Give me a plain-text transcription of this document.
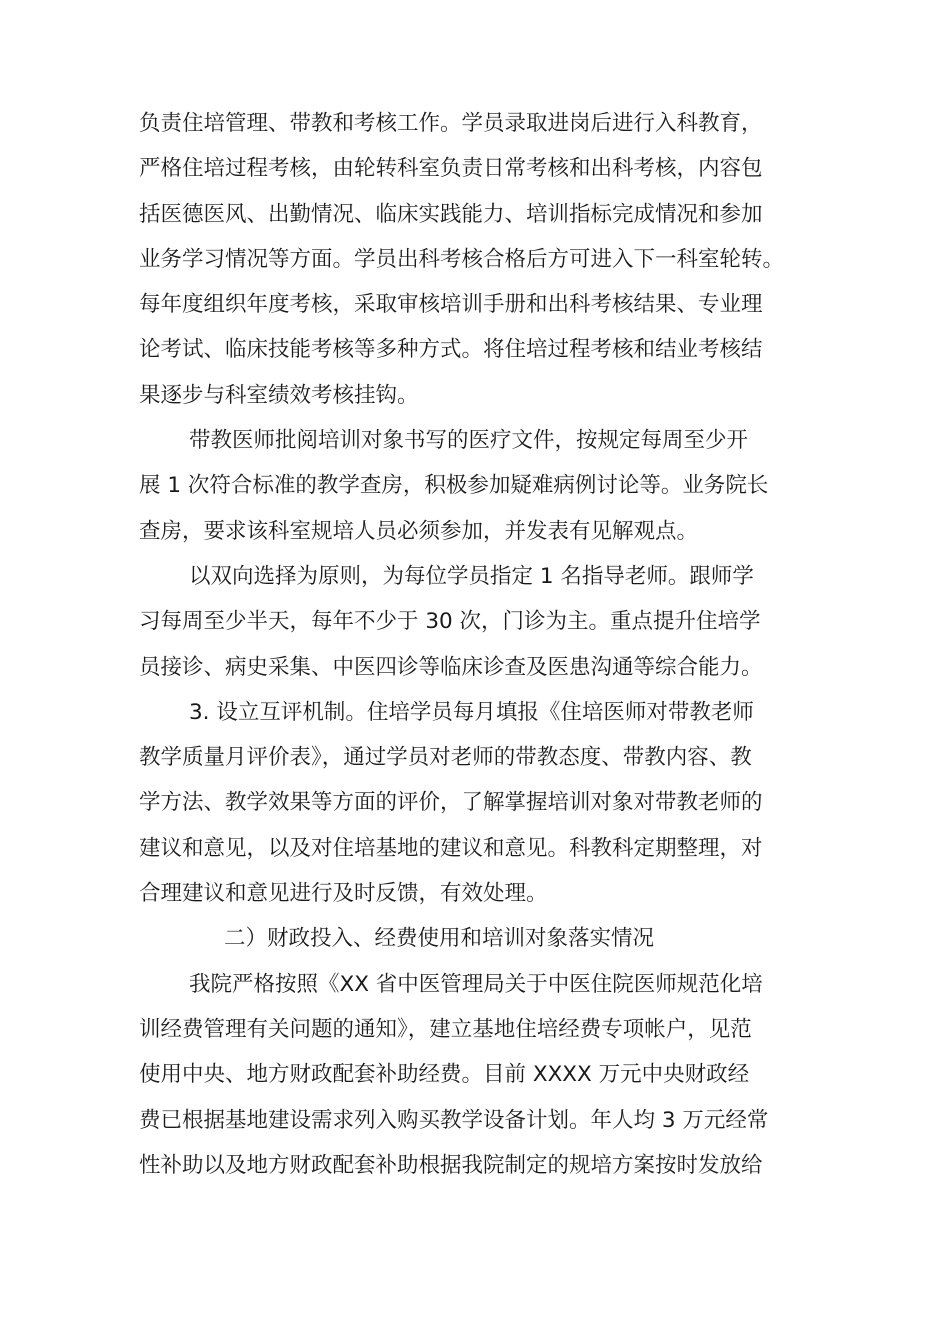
负责住培管理、带教和考核工作。学员录取进岗后进行入科教育，
严格住培过程考核，由轮转科室负责日常考核和出科考核，内容包
括医德医风、出勤情况、临床实践能力、培训指标完成情况和参加
业务学习情况等方面。学员出科考核合格后方可进入下一科室轮转。
每年度组织年度考核，采取审核培训手册和出科考核结果、专业理
论考试、临床技能考核等多种方式。将住培过程考核和结业考核结
果逐步与科室绩效考核挂钩。
带教医师批阅培训对象书写的医疗文件，按规定每周至少开
展 1 次符合标准的教学查房，积极参加疑难病例讨论等。业务院长
查房，要求该科室规培人员必须参加，并发表有见解观点。
以双向选择为原则，为每位学员指定 1 名指导老师。跟师学
习每周至少半天，每年不少于 30 次，门诊为主。重点提升住培学
员接诊、病史采集、中医四诊等临床诊查及医患沟通等综合能力。
3. 设立互评机制。住培学员每月填报《住培医师对带教老师
教学质量月评价表》，通过学员对老师的带教态度、带教内容、教
学方法、教学效果等方面的评价，了解掌握培训对象对带教老师的
建议和意见，以及对住培基地的建议和意见。科教科定期整理，对
合理建议和意见进行及时反馈，有效处理。
二）财政投入、经费使用和培训对象落实情况
我院严格按照《XX 省中医管理局关于中医住院医师规范化培
训经费管理有关问题的通知》，建立基地住培经费专项帐户，见范
使用中央、地方财政配套补助经费。目前 XXXX 万元中央财政经
费已根据基地建设需求列入购买教学设备计划。年人均 3 万元经常
性补助以及地方财政配套补助根据我院制定的规培方案按时发放给
